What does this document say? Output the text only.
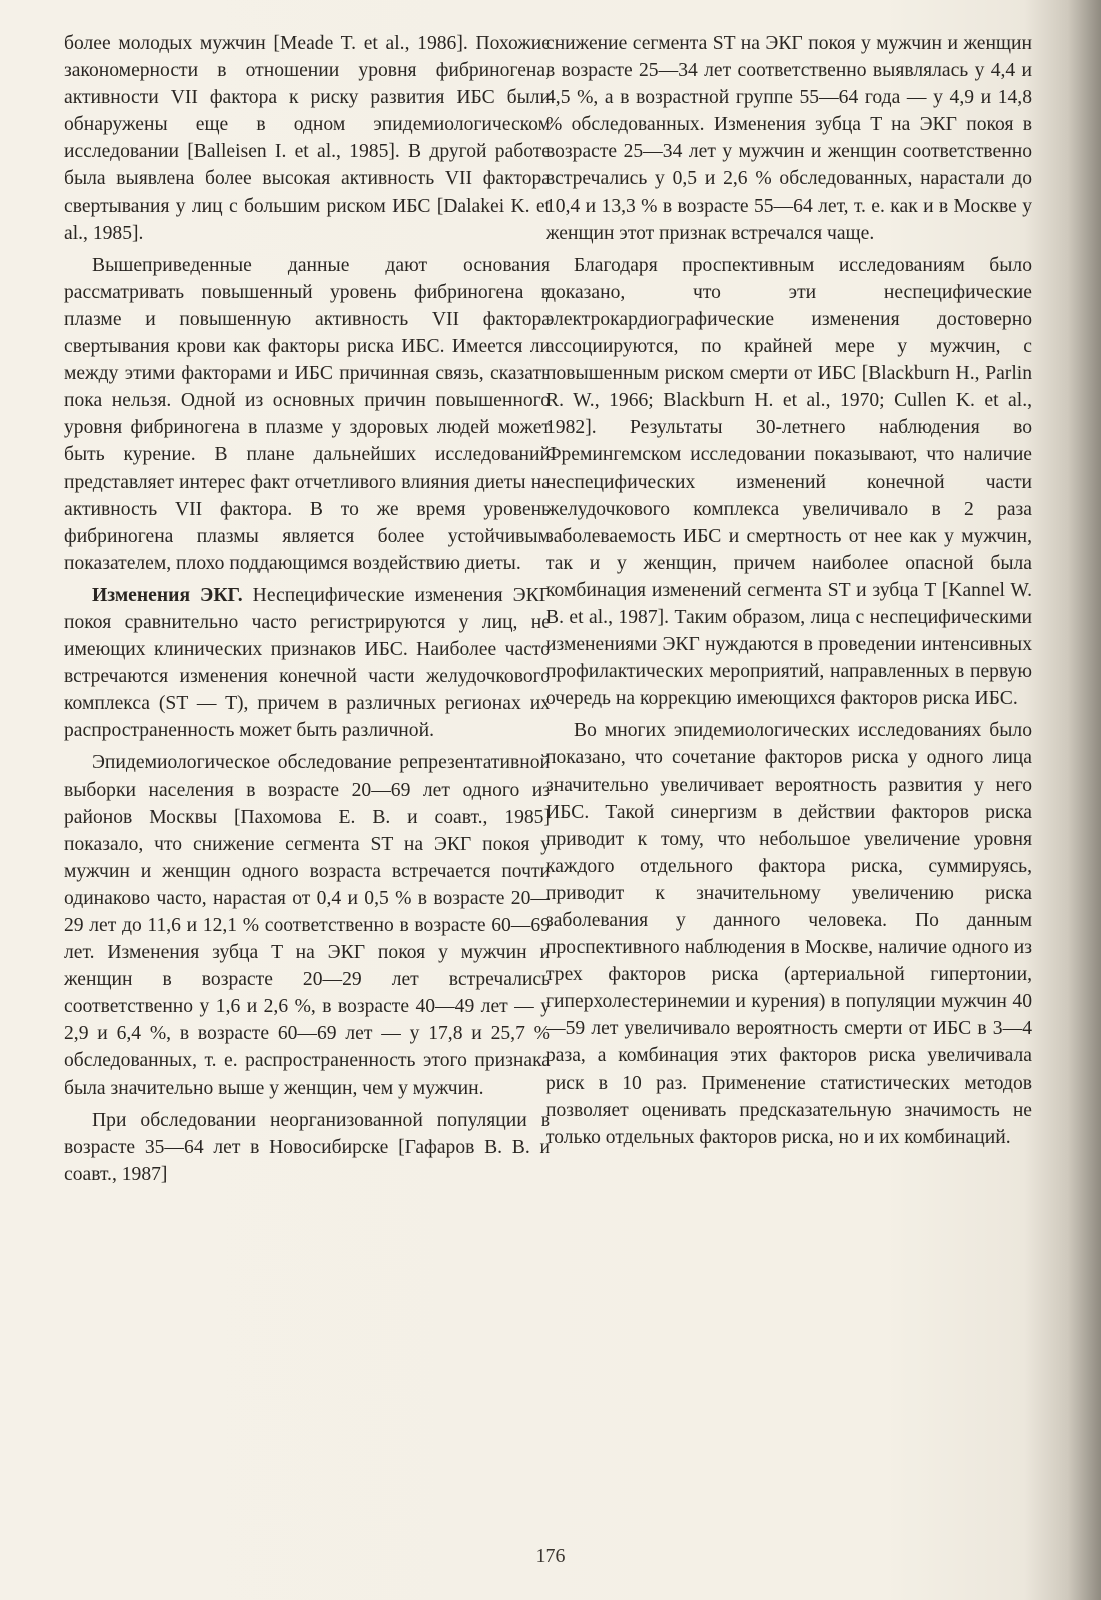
более молодых мужчин [Meade T. et al., 1986]. Похожие закономерности в отношении уровня фибриногена, активности VII фактора к риску развития ИБС были обнаружены еще в одном эпидемиологическом исследовании [Balleisen I. et al., 1985]. В другой работе была выявлена более высокая активность VII фактора свертывания у лиц с большим риском ИБС [Dalakei K. et al., 1985].

Вышеприведенные данные дают основания рассматривать повышенный уровень фибриногена в плазме и повышенную активность VII фактора свертывания крови как факторы риска ИБС. Имеется ли между этими факторами и ИБС причинная связь, сказать пока нельзя. Одной из основных причин повышенного уровня фибриногена в плазме у здоровых людей может быть курение. В плане дальнейших исследований представляет интерес факт отчетливого влияния диеты на активность VII фактора. В то же время уровень фибриногена плазмы является более устойчивым показателем, плохо поддающимся воздействию диеты.

Изменения ЭКГ. Неспецифические изменения ЭКГ покоя сравнительно часто регистрируются у лиц, не имеющих клинических признаков ИБС. Наиболее часто встречаются изменения конечной части желудочкового комплекса (ST — T), причем в различных регионах их распространенность может быть различной.

Эпидемиологическое обследование репрезентативной выборки населения в возрасте 20—69 лет одного из районов Москвы [Пахомова Е. В. и соавт., 1985] показало, что снижение сегмента ST на ЭКГ покоя у мужчин и женщин одного возраста встречается почти одинаково часто, нарастая от 0,4 и 0,5 % в возрасте 20—29 лет до 11,6 и 12,1 % соответственно в возрасте 60—69 лет. Изменения зубца T на ЭКГ покоя у мужчин и женщин в возрасте 20—29 лет встречались соответственно у 1,6 и 2,6 %, в возрасте 40—49 лет — у 2,9 и 6,4 %, в возрасте 60—69 лет — у 17,8 и 25,7 % обследованных, т. е. распространенность этого признака была значительно выше у женщин, чем у мужчин.

При обследовании неорганизованной популяции в возрасте 35—64 лет в Новосибирске [Гафаров В. В. и соавт., 1987]

снижение сегмента ST на ЭКГ покоя у мужчин и женщин в возрасте 25—34 лет соответственно выявлялась у 4,4 и 4,5 %, а в возрастной группе 55—64 года — у 4,9 и 14,8 % обследованных. Изменения зубца T на ЭКГ покоя в возрасте 25—34 лет у мужчин и женщин соответственно встречались у 0,5 и 2,6 % обследованных, нарастали до 10,4 и 13,3 % в возрасте 55—64 лет, т. е. как и в Москве у женщин этот признак встречался чаще.

Благодаря проспективным исследованиям было доказано, что эти неспецифические электрокардиографические изменения достоверно ассоциируются, по крайней мере у мужчин, с повышенным риском смерти от ИБС [Blackburn H., Parlin R. W., 1966; Blackburn H. et al., 1970; Cullen K. et al., 1982]. Результаты 30-летнего наблюдения во Фремингемском исследовании показывают, что наличие неспецифических изменений конечной части желудочкового комплекса увеличивало в 2 раза заболеваемость ИБС и смертность от нее как у мужчин, так и у женщин, причем наиболее опасной была комбинация изменений сегмента ST и зубца T [Kannel W. B. et al., 1987]. Таким образом, лица с неспецифическими изменениями ЭКГ нуждаются в проведении интенсивных профилактических мероприятий, направленных в первую очередь на коррекцию имеющихся факторов риска ИБС.

Во многих эпидемиологических исследованиях было показано, что сочетание факторов риска у одного лица значительно увеличивает вероятность развития у него ИБС. Такой синергизм в действии факторов риска приводит к тому, что небольшое увеличение уровня каждого отдельного фактора риска, суммируясь, приводит к значительному увеличению риска заболевания у данного человека. По данным проспективного наблюдения в Москве, наличие одного из трех факторов риска (артериальной гипертонии, гиперхолестеринемии и курения) в популяции мужчин 40—59 лет увеличивало вероятность смерти от ИБС в 3—4 раза, а комбинация этих факторов риска увеличивала риск в 10 раз. Применение статистических методов позволяет оценивать предсказательную значимость не только отдельных факторов риска, но и их комбинаций.

176
